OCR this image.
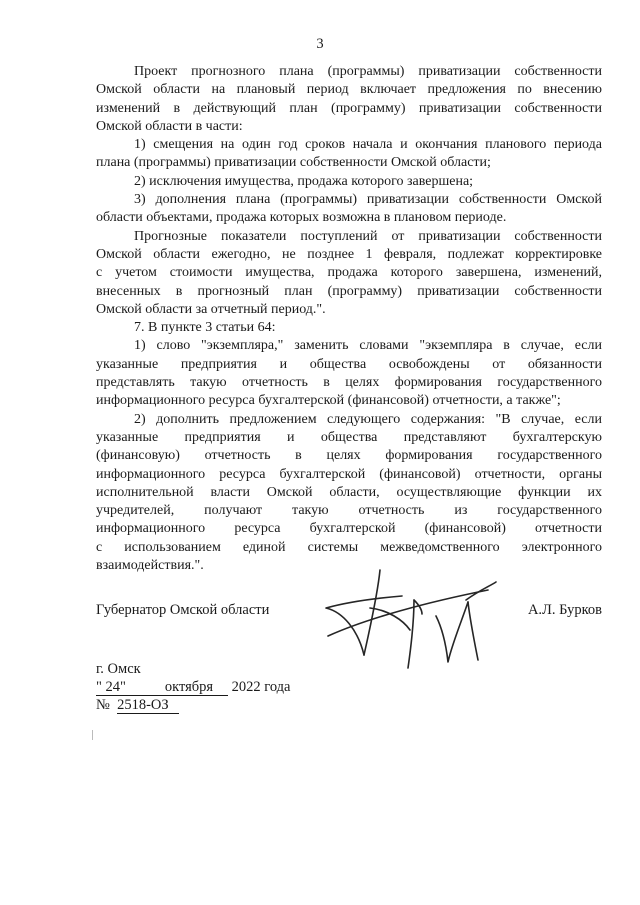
3

Проект прогнозного плана (программы) приватизации собственности

Омской области на плановый период включает предложения по внесению

изменений в действующий план (программу) приватизации собственности

Омской области в части:

1) смещения на один год сроков начала и окончания планового периода

плана (программы) приватизации собственности Омской области;

2) исключения имущества, продажа которого завершена;

3) дополнения плана (программы) приватизации собственности Омской

области объектами, продажа которых возможна в плановом периоде.

Прогнозные показатели поступлений от приватизации собственности

Омской области ежегодно, не позднее 1 февраля, подлежат корректировке

с учетом стоимости имущества, продажа которого завершена, изменений,

внесенных в прогнозный план (программу) приватизации собственности

Омской области за отчетный период.".

7. В пункте 3 статьи 64:

1) слово "экземпляра," заменить словами "экземпляра в случае, если

указанные предприятия и общества освобождены от обязанности

представлять такую отчетность в целях формирования государственного

информационного ресурса бухгалтерской (финансовой) отчетности, а также";

2) дополнить предложением следующего содержания: "В случае, если

указанные предприятия и общества представляют бухгалтерскую

(финансовую) отчетность в целях формирования государственного

информационного ресурса бухгалтерской (финансовой) отчетности, органы

исполнительной власти Омской области, осуществляющие функции их

учредителей, получают такую отчетность из государственного

информационного ресурса бухгалтерской (финансовой) отчетности

с использованием единой системы межведомственного электронного

взаимодействия.".

Губернатор Омской области	А.Л. Бурков
г. Омск
" 24"	октября 2022 года
№ 2518-ОЗ
